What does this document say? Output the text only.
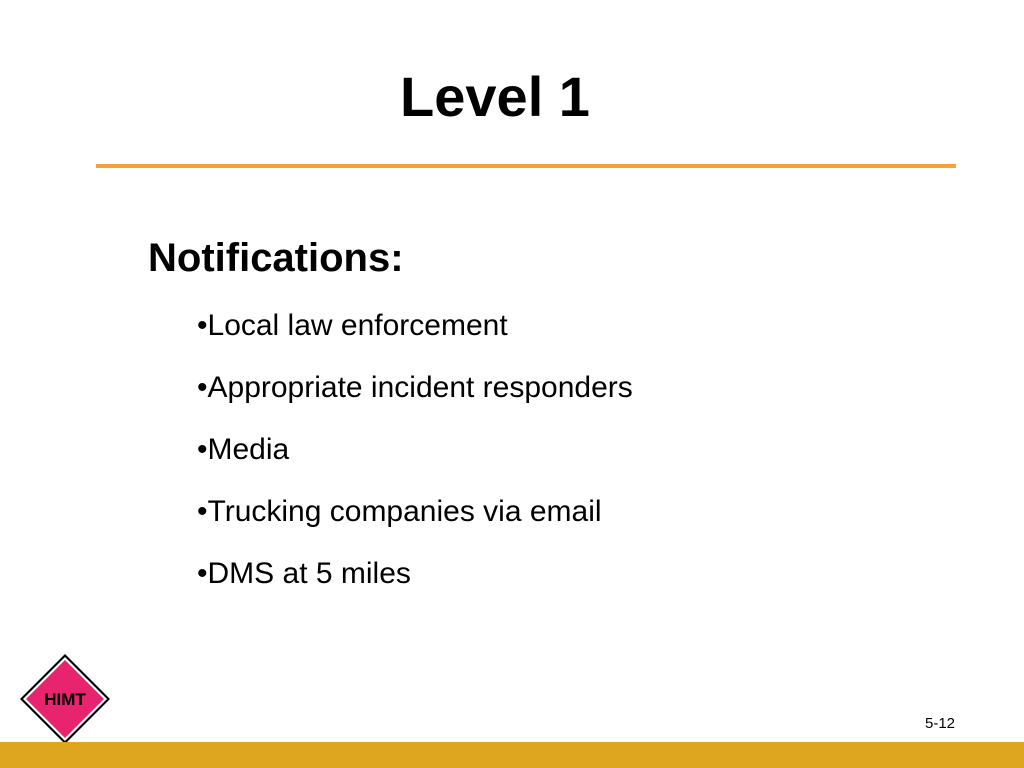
Level 1
Notifications:
•Local law enforcement
•Appropriate incident responders
•Media
•Trucking companies via email
•DMS at 5 miles
HIMT
5-12
